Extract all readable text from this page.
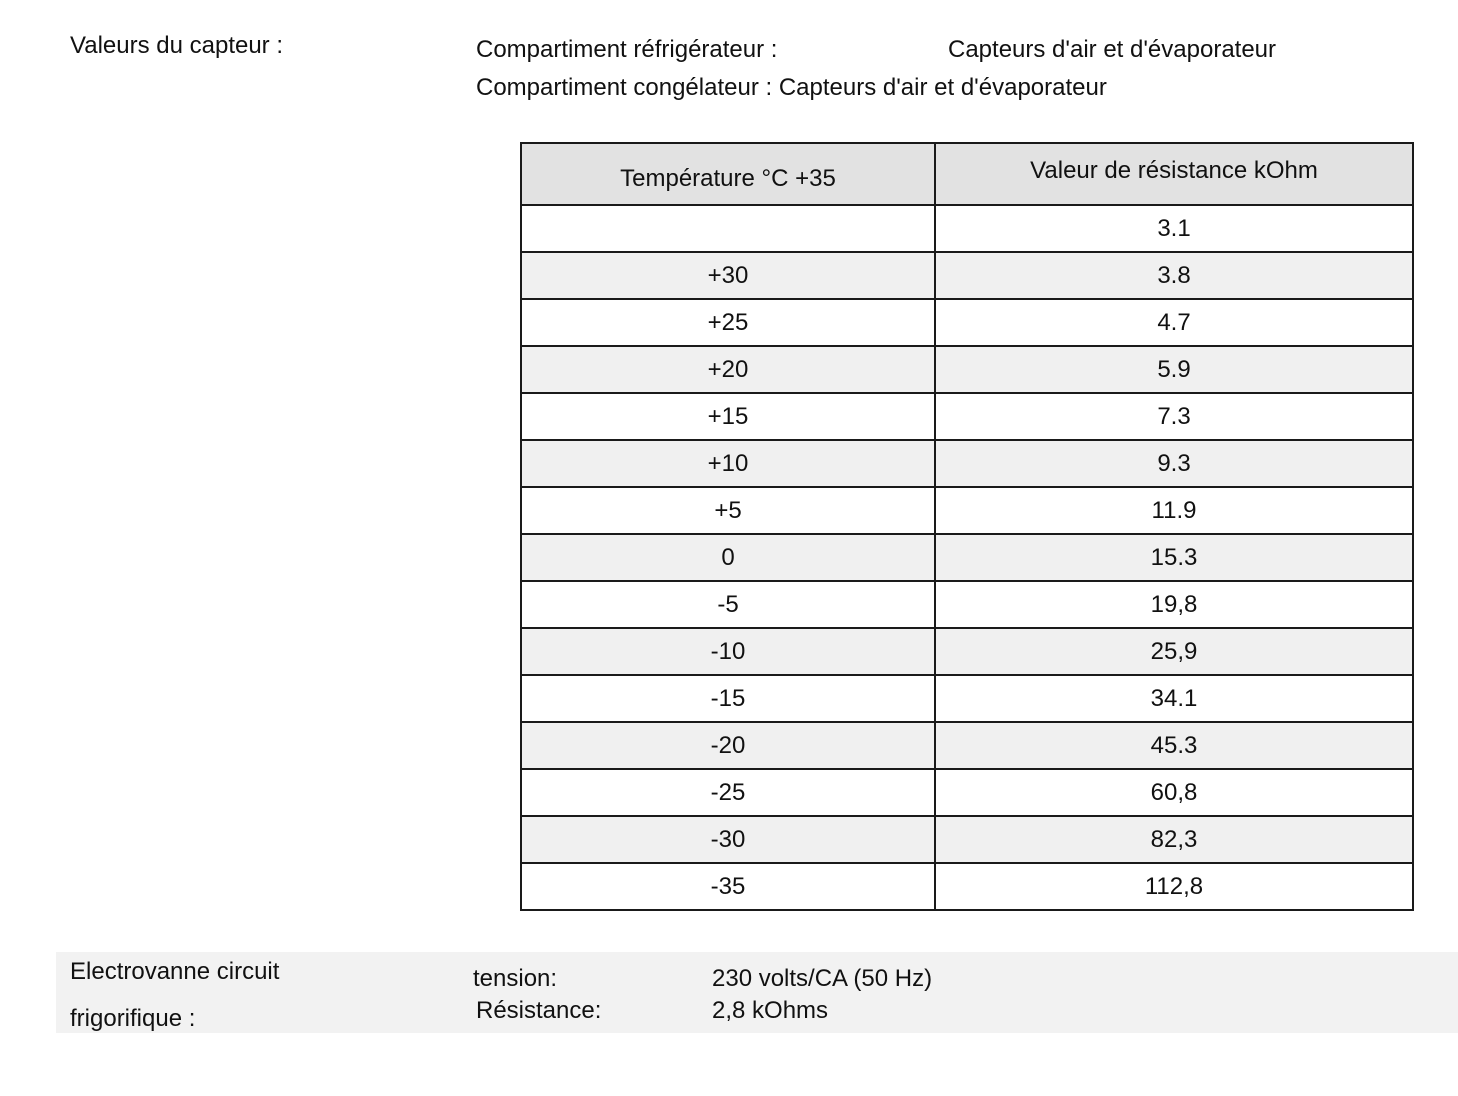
Valeurs du capteur :	Compartiment réfrigérateur :	Capteurs d'air et d'évaporateur
Compartiment congélateur : Capteurs d'air et d'évaporateur
Température °C +35	Valeur de résistance kOhm
	3.1
+30	3.8
+25	4.7
+20	5.9
+15	7.3
+10	9.3
+5	11.9
0	15.3
-5	19,8
-10	25,9
-15	34.1
-20	45.3
-25	60,8
-30	82,3
-35	112,8
Electrovanne circuit
frigorifique :
tension:	230 volts/CA (50 Hz)
Résistance:	2,8 kOhms
